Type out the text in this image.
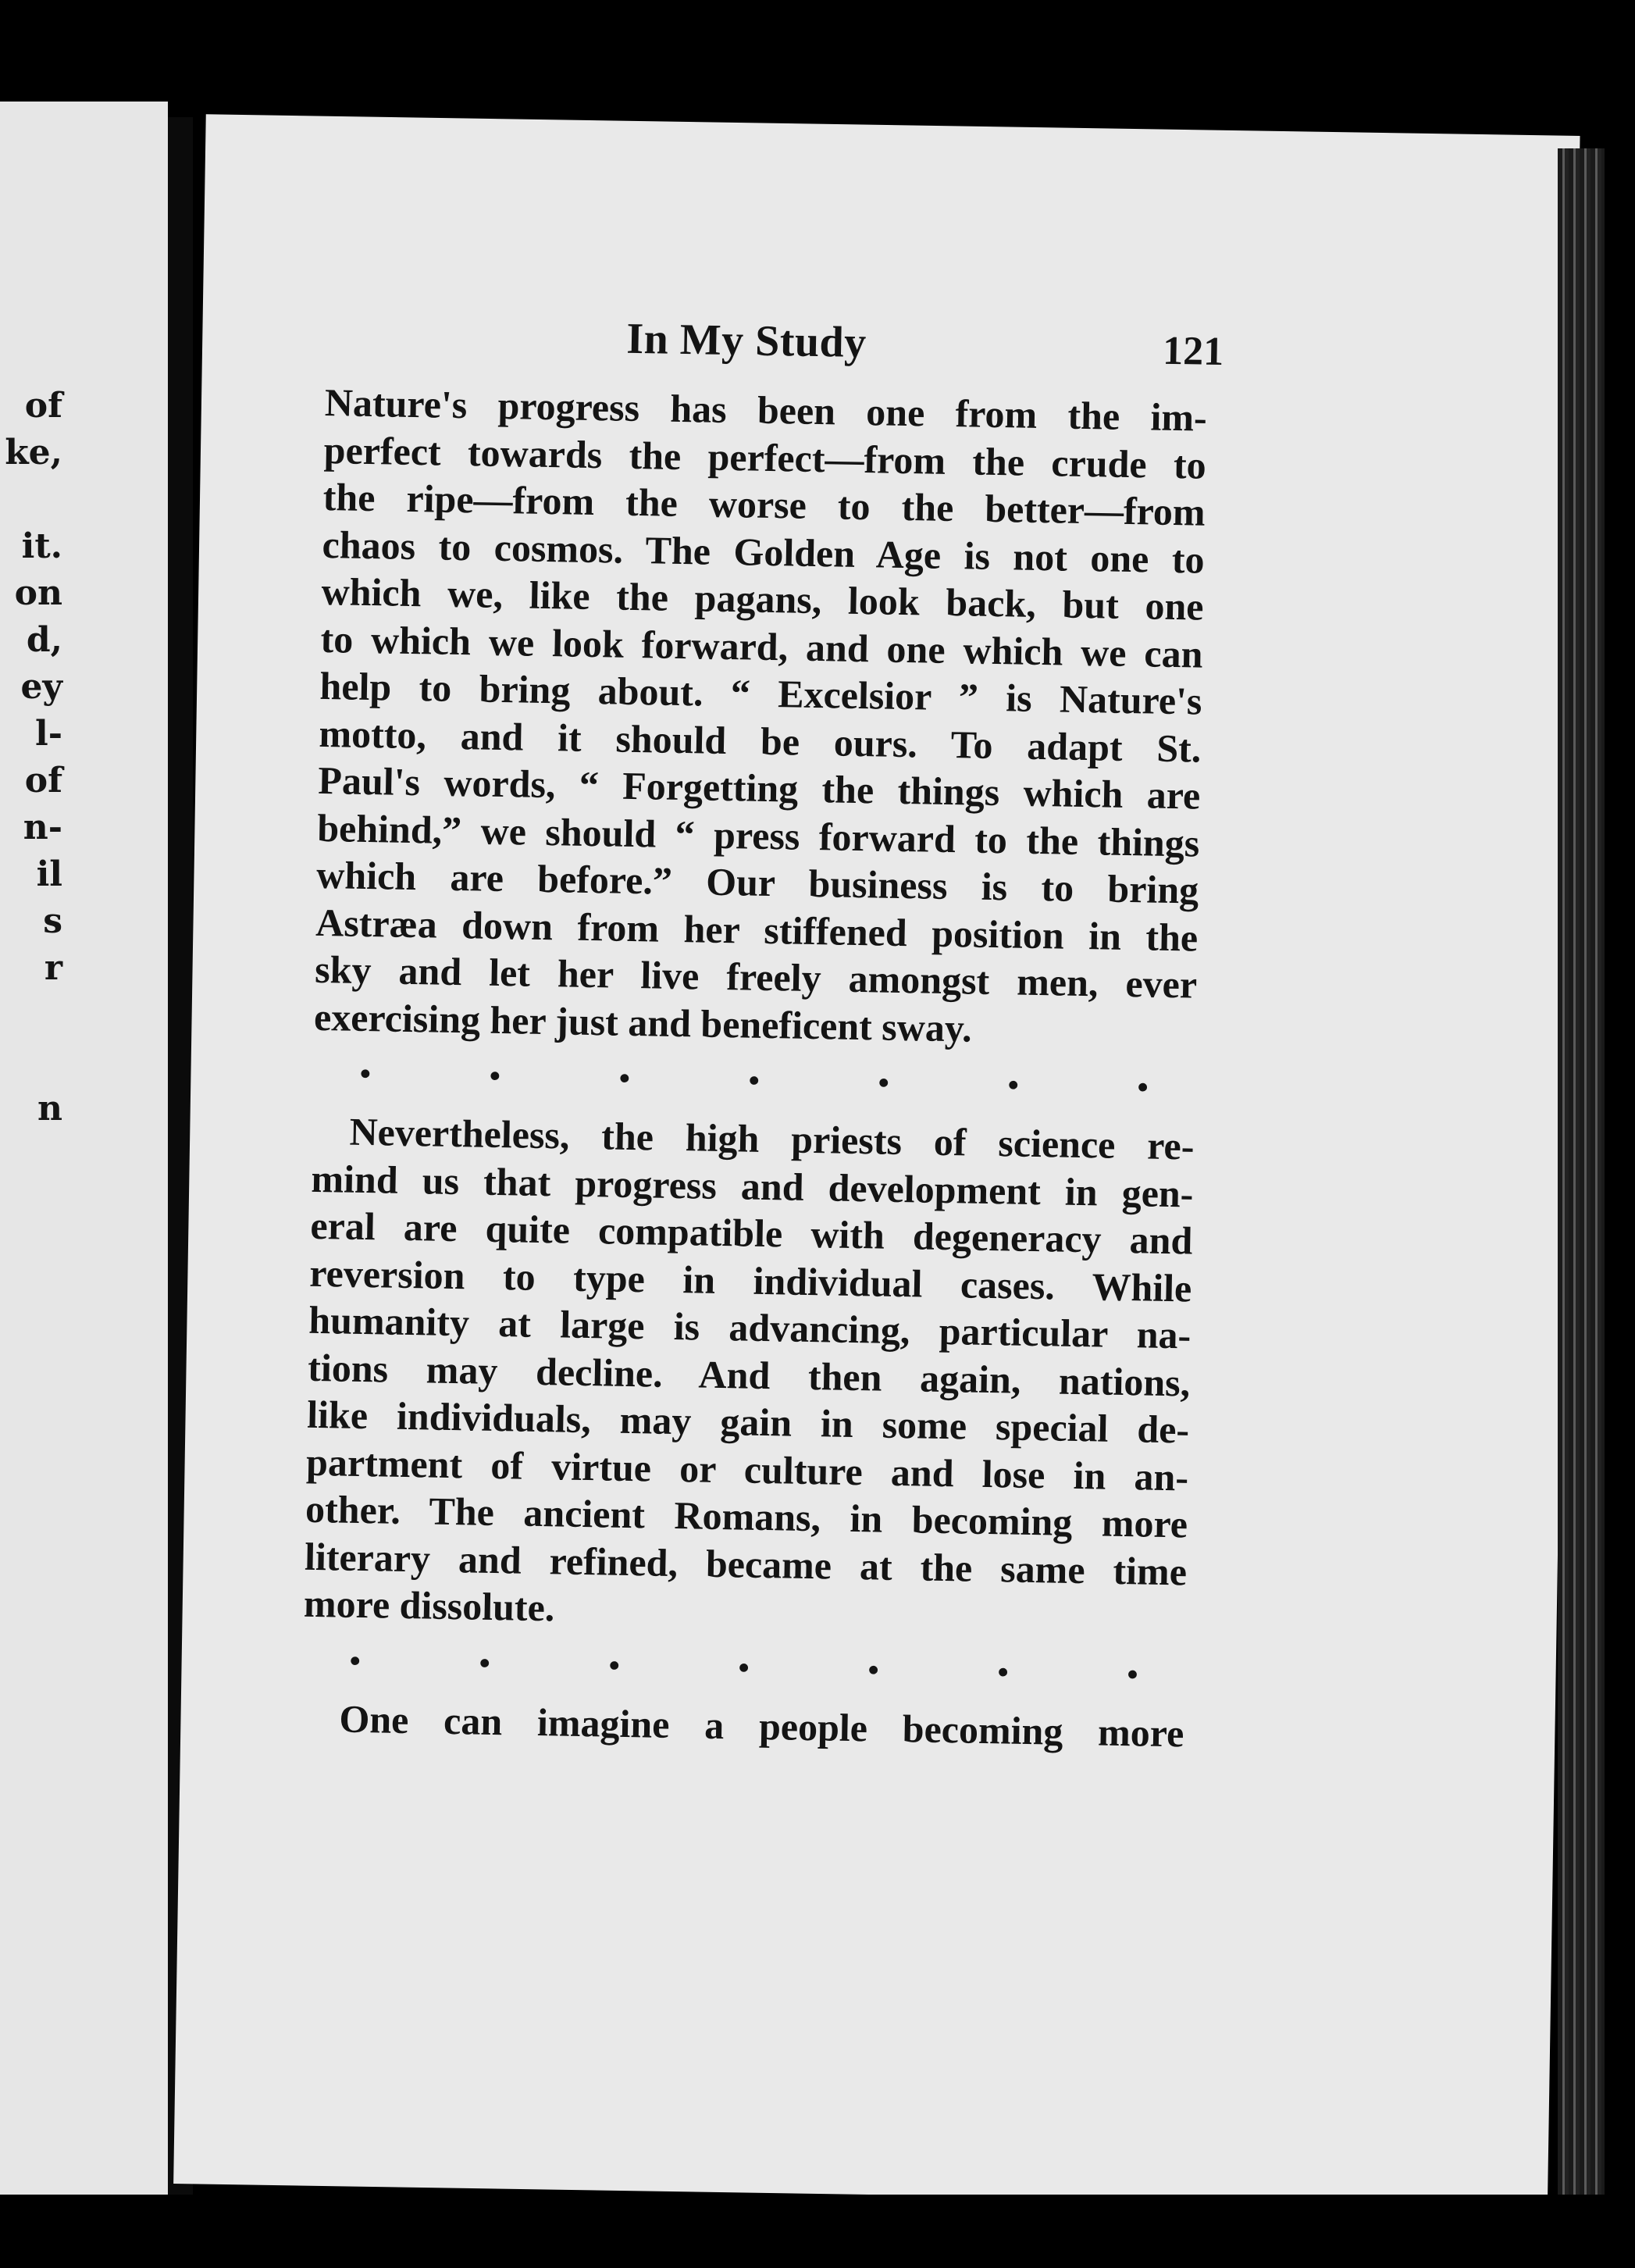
of
ke,
it.
on
d,
ey
l-
of
n-
il
s
r
n
In My Study	121
Nature's progress has been one from the im-
perfect towards the perfect—from the crude to
the ripe—from the worse to the better—from
chaos to cosmos. The Golden Age is not one to
which we, like the pagans, look back, but one
to which we look forward, and one which we can
help to bring about. “ Excelsior ” is Nature's
motto, and it should be ours. To adapt St.
Paul's words, “ Forgetting the things which are
behind,” we should “ press forward to the things
which are before.” Our business is to bring
Astræa down from her stiffened position in the
sky and let her live freely amongst men, ever
exercising her just and beneficent sway.
•	•	•	•	•	•	•
Nevertheless, the high priests of science re-
mind us that progress and development in gen-
eral are quite compatible with degeneracy and
reversion to type in individual cases. While
humanity at large is advancing, particular na-
tions may decline. And then again, nations,
like individuals, may gain in some special de-
partment of virtue or culture and lose in an-
other. The ancient Romans, in becoming more
literary and refined, became at the same time
more dissolute.
•	•	•	•	•	•	•
One can imagine a people becoming more
